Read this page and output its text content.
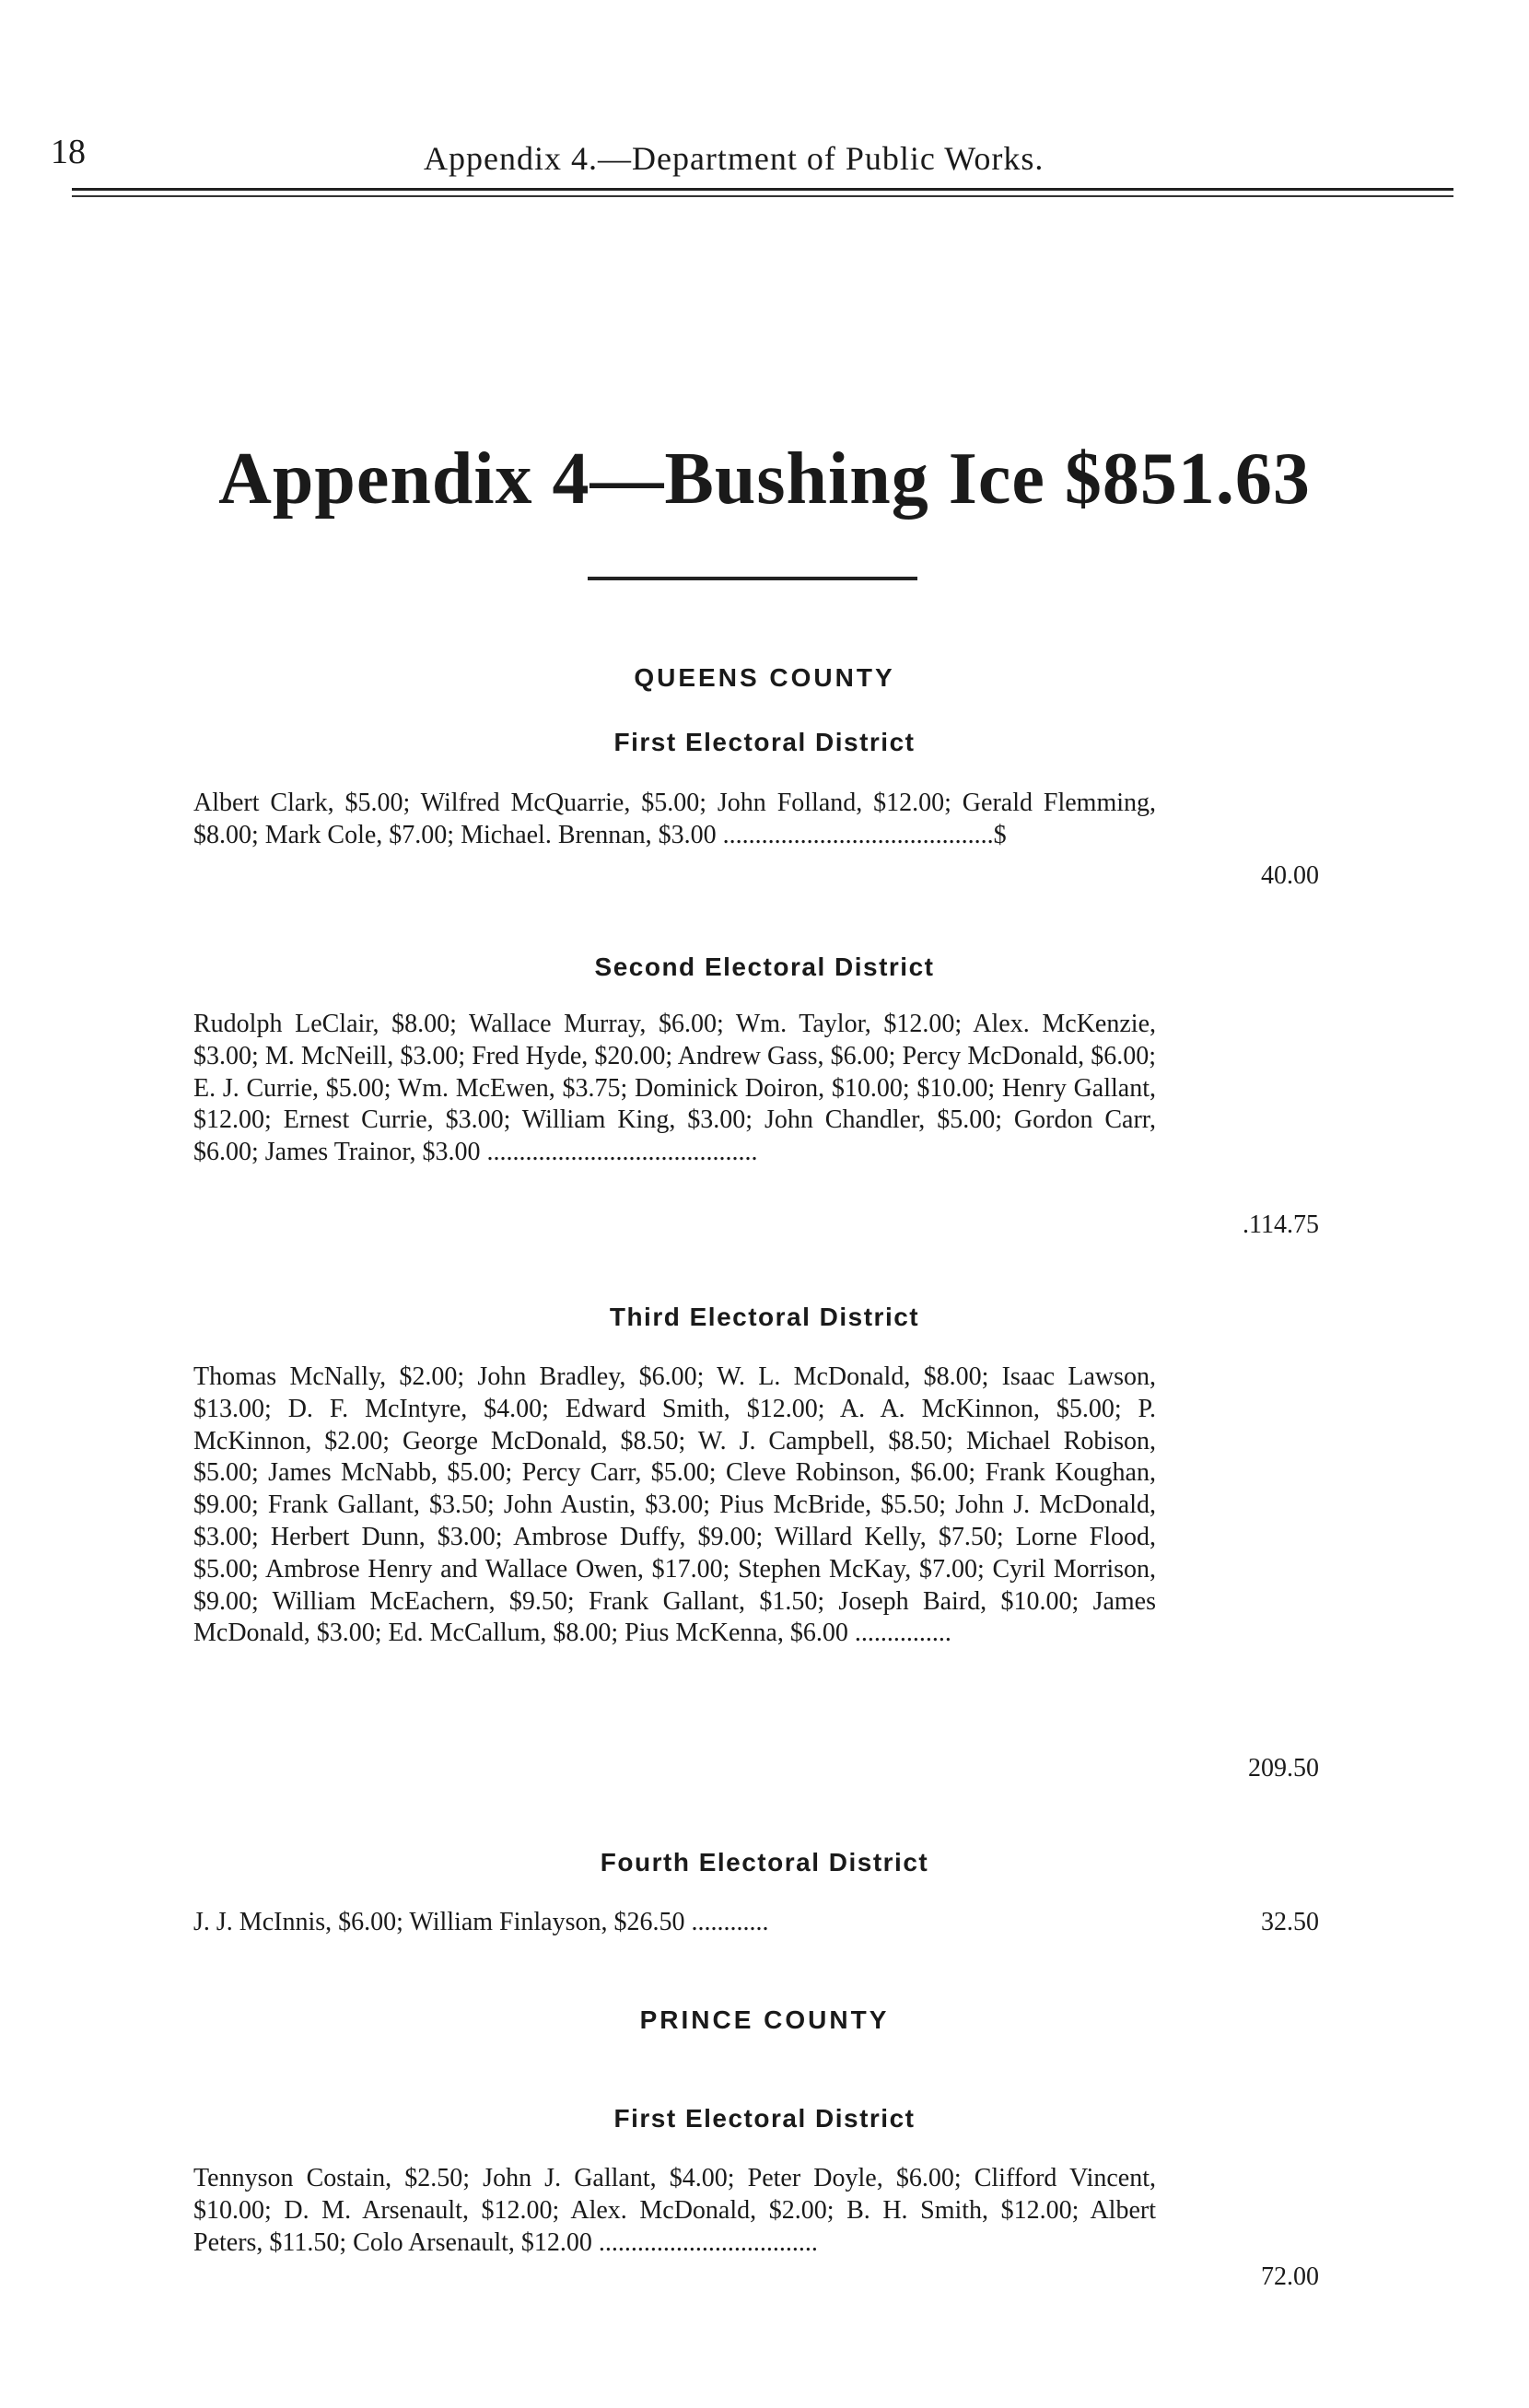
18	Appendix 4.—Department of Public Works.
Appendix 4—Bushing Ice $851.63
QUEENS COUNTY
First Electoral District
Albert Clark, $5.00; Wilfred McQuarrie, $5.00; John Folland, $12.00; Gerald Flemming, $8.00; Mark Cole, $7.00; Michael. Brennan, $3.00 ..........................................$
40.00
Second Electoral District
Rudolph LeClair, $8.00; Wallace Murray, $6.00; Wm. Taylor, $12.00; Alex. McKenzie, $3.00; M. McNeill, $3.00; Fred Hyde, $20.00; Andrew Gass, $6.00; Percy McDonald, $6.00; E. J. Currie, $5.00; Wm. McEwen, $3.75; Dominick Doiron, $10.00; $10.00; Henry Gallant, $12.00; Ernest Currie, $3.00; William King, $3.00; John Chandler, $5.00; Gordon Carr, $6.00; James Trainor, $3.00 ..........................................
.114.75
Third Electoral District
Thomas McNally, $2.00; John Bradley, $6.00; W. L. McDonald, $8.00; Isaac Lawson, $13.00; D. F. McIntyre, $4.00; Edward Smith, $12.00; A. A. McKinnon, $5.00; P. McKinnon, $2.00; George McDonald, $8.50; W. J. Campbell, $8.50; Michael Robison, $5.00; James McNabb, $5.00; Percy Carr, $5.00; Cleve Robinson, $6.00; Frank Koughan, $9.00; Frank Gallant, $3.50; John Austin, $3.00; Pius McBride, $5.50; John J. McDonald, $3.00; Herbert Dunn, $3.00; Ambrose Duffy, $9.00; Willard Kelly, $7.50; Lorne Flood, $5.00; Ambrose Henry and Wallace Owen, $17.00; Stephen McKay, $7.00; Cyril Morrison, $9.00; William McEachern, $9.50; Frank Gallant, $1.50; Joseph Baird, $10.00; James McDonald, $3.00; Ed. McCallum, $8.00; Pius McKenna, $6.00 ...............
209.50
Fourth Electoral District
J. J. McInnis, $6.00; William Finlayson, $26.50 ............	32.50
PRINCE COUNTY
First Electoral District
Tennyson Costain, $2.50; John J. Gallant, $4.00; Peter Doyle, $6.00; Clifford Vincent, $10.00; D. M. Arsenault, $12.00; Alex. McDonald, $2.00; B. H. Smith, $12.00; Albert Peters, $11.50; Colo Arsenault, $12.00 ..................................
72.00
